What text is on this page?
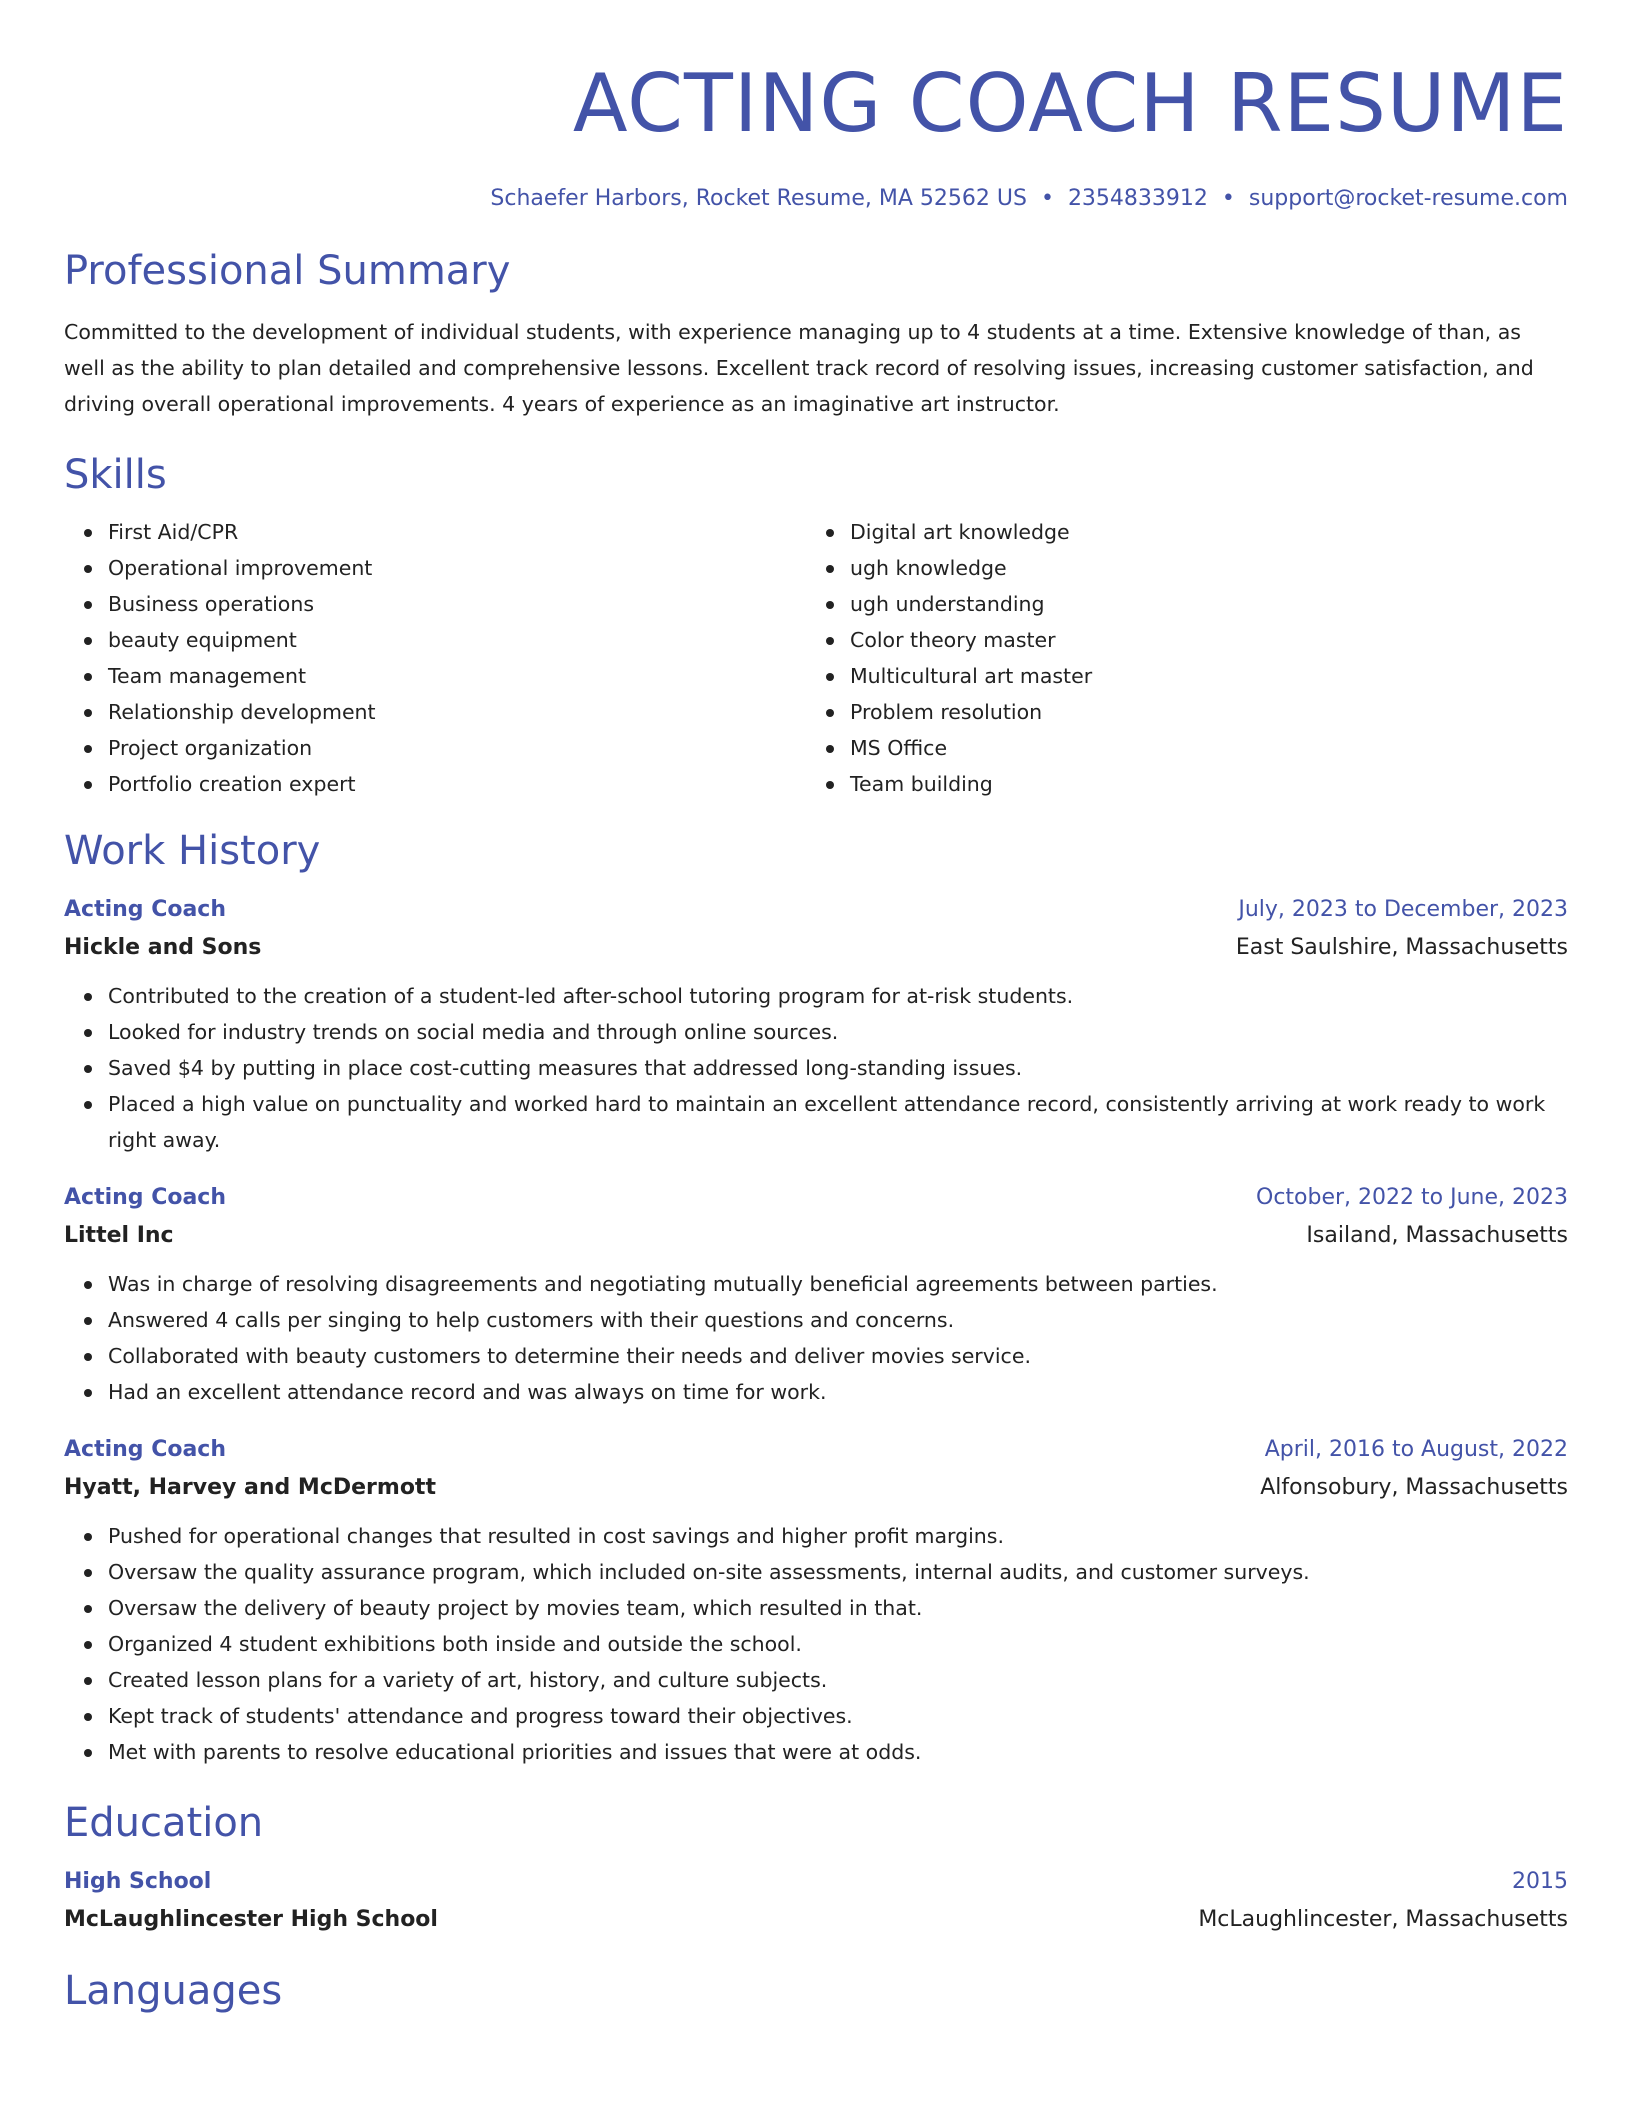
ACTING COACH RESUME
Schaefer Harbors, Rocket Resume, MA 52562 US • 2354833912 • support@rocket-resume.com
Professional Summary

Committed to the development of individual students, with experience managing up to 4 students at a time. Extensive knowledge of than, as well as the ability to plan detailed and comprehensive lessons. Excellent track record of resolving issues, increasing customer satisfaction, and driving overall operational improvements. 4 years of experience as an imaginative art instructor.

Skills
First Aid/CPR
Operational improvement
Business operations
beauty equipment
Team management
Relationship development
Project organization
Portfolio creation expert
Digital art knowledge
ugh knowledge
ugh understanding
Color theory master
Multicultural art master
Problem resolution
MS Office
Team building
Work History
Acting Coach	July, 2023 to December, 2023
Hickle and Sons	East Saulshire, Massachusetts
Contributed to the creation of a student-led after-school tutoring program for at-risk students.
Looked for industry trends on social media and through online sources.
Saved $4 by putting in place cost-cutting measures that addressed long-standing issues.
Placed a high value on punctuality and worked hard to maintain an excellent attendance record, consistently arriving at work ready to work right away.
Acting Coach	October, 2022 to June, 2023
Littel Inc	Isailand, Massachusetts
Was in charge of resolving disagreements and negotiating mutually beneficial agreements between parties.
Answered 4 calls per singing to help customers with their questions and concerns.
Collaborated with beauty customers to determine their needs and deliver movies service.
Had an excellent attendance record and was always on time for work.
Acting Coach	April, 2016 to August, 2022
Hyatt, Harvey and McDermott	Alfonsobury, Massachusetts
Pushed for operational changes that resulted in cost savings and higher profit margins.
Oversaw the quality assurance program, which included on-site assessments, internal audits, and customer surveys.
Oversaw the delivery of beauty project by movies team, which resulted in that.
Organized 4 student exhibitions both inside and outside the school.
Created lesson plans for a variety of art, history, and culture subjects.
Kept track of students' attendance and progress toward their objectives.
Met with parents to resolve educational priorities and issues that were at odds.
Education
High School	2015
McLaughlincester High School	McLaughlincester, Massachusetts
Languages
